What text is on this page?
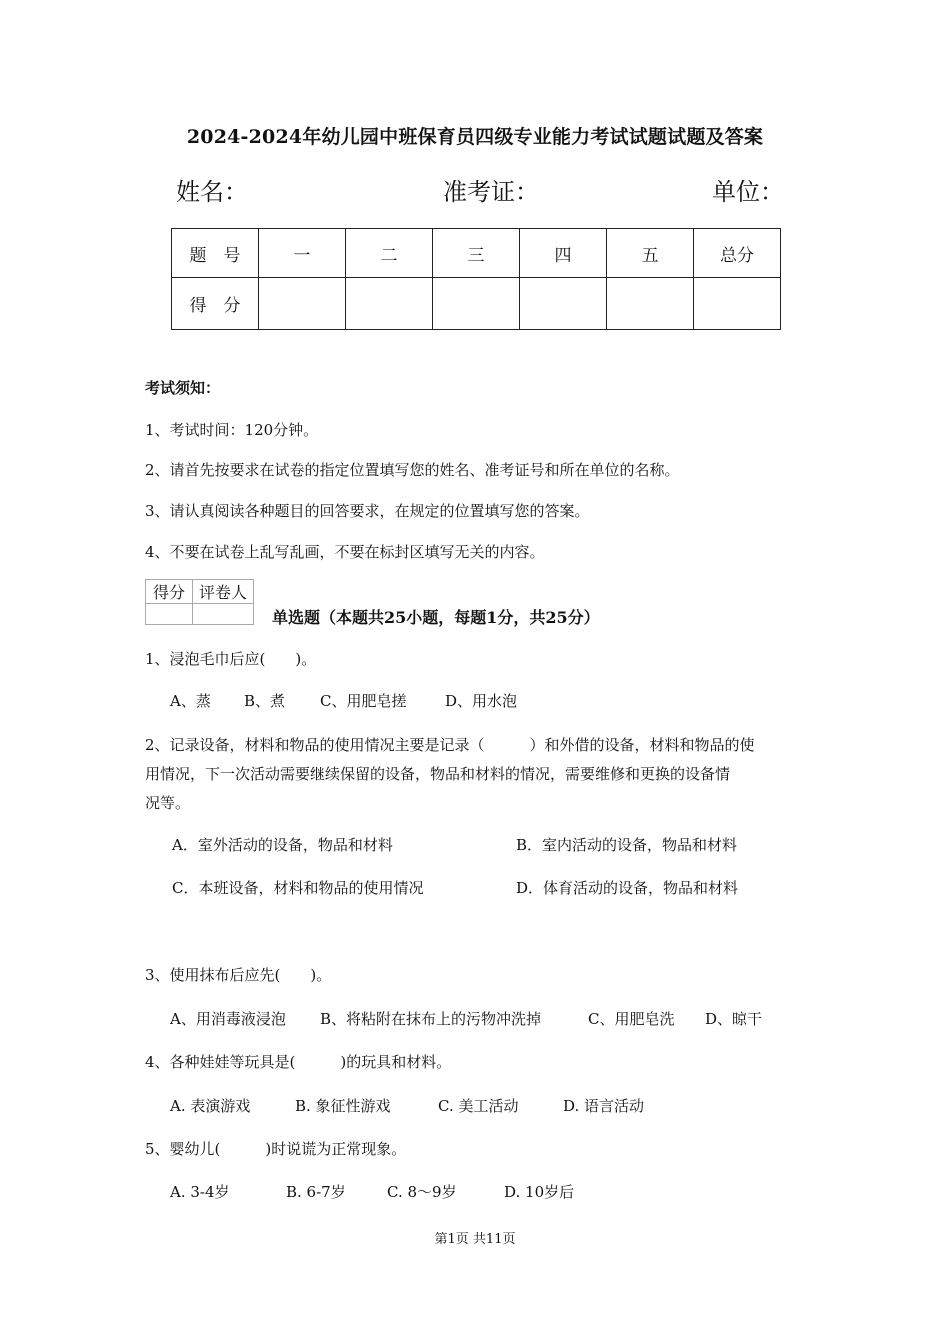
2024-2024年幼儿园中班保育员四级专业能力考试试题试题及答案
姓名：	准考证：	单位：
题　号	一	二	三	四	五	总分
得　分						
考试须知：
1、考试时间：120分钟。
2、请首先按要求在试卷的指定位置填写您的姓名、准考证号和所在单位的名称。
3、请认真阅读各种题目的回答要求，在规定的位置填写您的答案。
4、不要在试卷上乱写乱画，不要在标封区填写无关的内容。
得分	评卷人

单选题（本题共25小题，每题1分，共25分）
1、浸泡毛巾后应(　　)。
A、蒸 B、煮 C、用肥皂搓	D、用水泡
2、记录设备，材料和物品的使用情况主要是记录（　　　）和外借的设备，材料和物品的使
用情况，下一次活动需要继续保留的设备，物品和材料的情况，需要维修和更换的设备情
况等。
A．室外活动的设备，物品和材料	B．室内活动的设备，物品和材料
C．本班设备，材料和物品的使用情况	D．体育活动的设备，物品和材料
3、使用抹布后应先(　　)。
A、用消毒液浸泡 B、将粘附在抹布上的污物冲洗掉	C、用肥皂洗 D、晾干
4、各种娃娃等玩具是(　　　)的玩具和材料。
A. 表演游戏	B. 象征性游戏	C. 美工活动	D. 语言活动
5、婴幼儿(　　　)时说谎为正常现象。
A. 3-4岁	B. 6-7岁	C. 8～9岁	D. 10岁后
第1页 共11页
